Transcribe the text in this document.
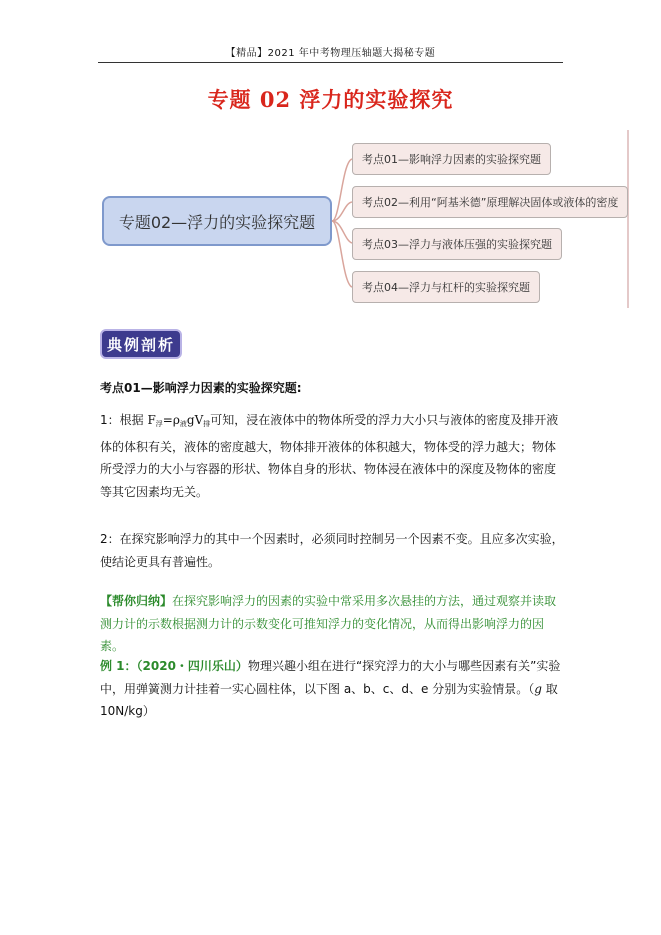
【精品】2021 年中考物理压轴题大揭秘专题
专题 02 浮力的实验探究
专题02—浮力的实验探究题
考点01—影响浮力因素的实验探究题
考点02—利用“阿基米德”原理解决固体或液体的密度
考点03—浮力与液体压强的实验探究题
考点04—浮力与杠杆的实验探究题
典例剖析
考点01—影响浮力因素的实验探究题:

1：根据 $F_浮=\rho_液gV_排$可知，浸在液体中的物体所受的浮力大小只与液体的密度及排开液体的体积有关，液体的密度越大，物体排开液体的体积越大，物体受的浮力越大；物体所受浮力的大小与容器的形状、物体自身的形状、物体浸在液体中的深度及物体的密度等其它因素均无关。

2：在探究影响浮力的其中一个因素时，必须同时控制另一个因素不变。且应多次实验，使结论更具有普遍性。

【帮你归纳】在探究影响浮力的因素的实验中常采用多次悬挂的方法，通过观察并读取测力计的示数根据测力计的示数变化可推知浮力的变化情况，从而得出影响浮力的因素。

例 1：（2020・四川乐山）物理兴趣小组在进行“探究浮力的大小与哪些因素有关”实验中，用弹簧测力计挂着一实心圆柱体，以下图 a、b、c、d、e 分别为实验情景。（g 取 10N/kg）
